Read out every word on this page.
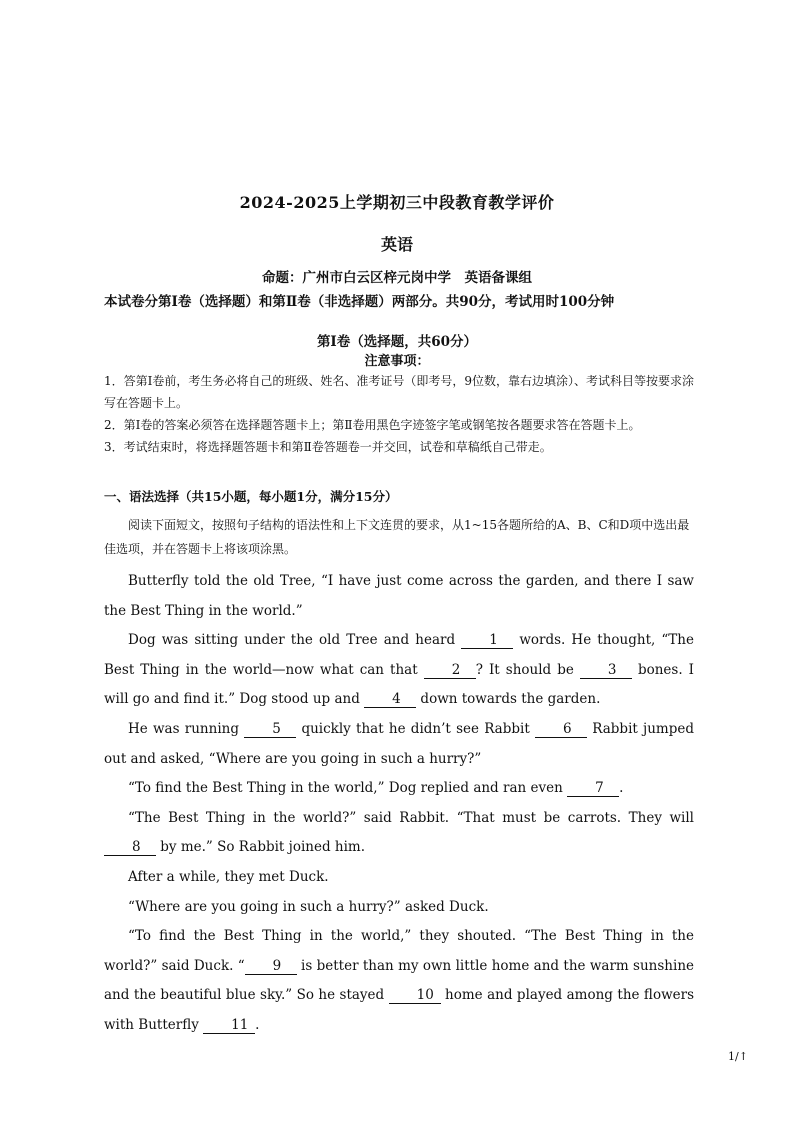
2024-2025上学期初三中段教育教学评价
英语
命题：广州市白云区梓元岗中学　英语备课组
本试卷分第Ⅰ卷（选择题）和第Ⅱ卷（非选择题）两部分。共90分，考试用时100分钟
第Ⅰ卷（选择题，共60分）
注意事项：

1．答第Ⅰ卷前，考生务必将自己的班级、姓名、准考证号（即考号，9位数，靠右边填涂）、考试科目等按要求涂写在答题卡上。

2．第Ⅰ卷的答案必须答在选择题答题卡上；第Ⅱ卷用黑色字迹签字笔或钢笔按各题要求答在答题卡上。

3．考试结束时，将选择题答题卡和第Ⅱ卷答题卷一并交回，试卷和草稿纸自己带走。

一、语法选择（共15小题，每小题1分，满分15分）

阅读下面短文，按照句子结构的语法性和上下文连贯的要求，从1~15各题所给的A、B、C和D项中选出最佳选项，并在答题卡上将该项涂黑。

Butterfly told the old Tree, “I have just come across the garden, and there I saw the Best Thing in the world.”

Dog was sitting under the old Tree and heard 1 words. He thought, “The Best Thing in the world—now what can that 2 ? It should be 3 bones. I will go and find it.” Dog stood up and 4 down towards the garden.

He was running 5 quickly that he didn’t see Rabbit 6 Rabbit jumped out and asked, “Where are you going in such a hurry?”

“To find the Best Thing in the world,” Dog replied and ran even 7 .

“The Best Thing in the world?” said Rabbit. “That must be carrots. They will 8 by me.” So Rabbit joined him.

After a while, they met Duck.

“Where are you going in such a hurry?” asked Duck.

“To find the Best Thing in the world,” they shouted. “The Best Thing in the world?” said Duck. “ 9 is better than my own little home and the warm sunshine and the beautiful blue sky.” So he stayed 10 home and played among the flowers with Butterfly 11 .

1/↑
